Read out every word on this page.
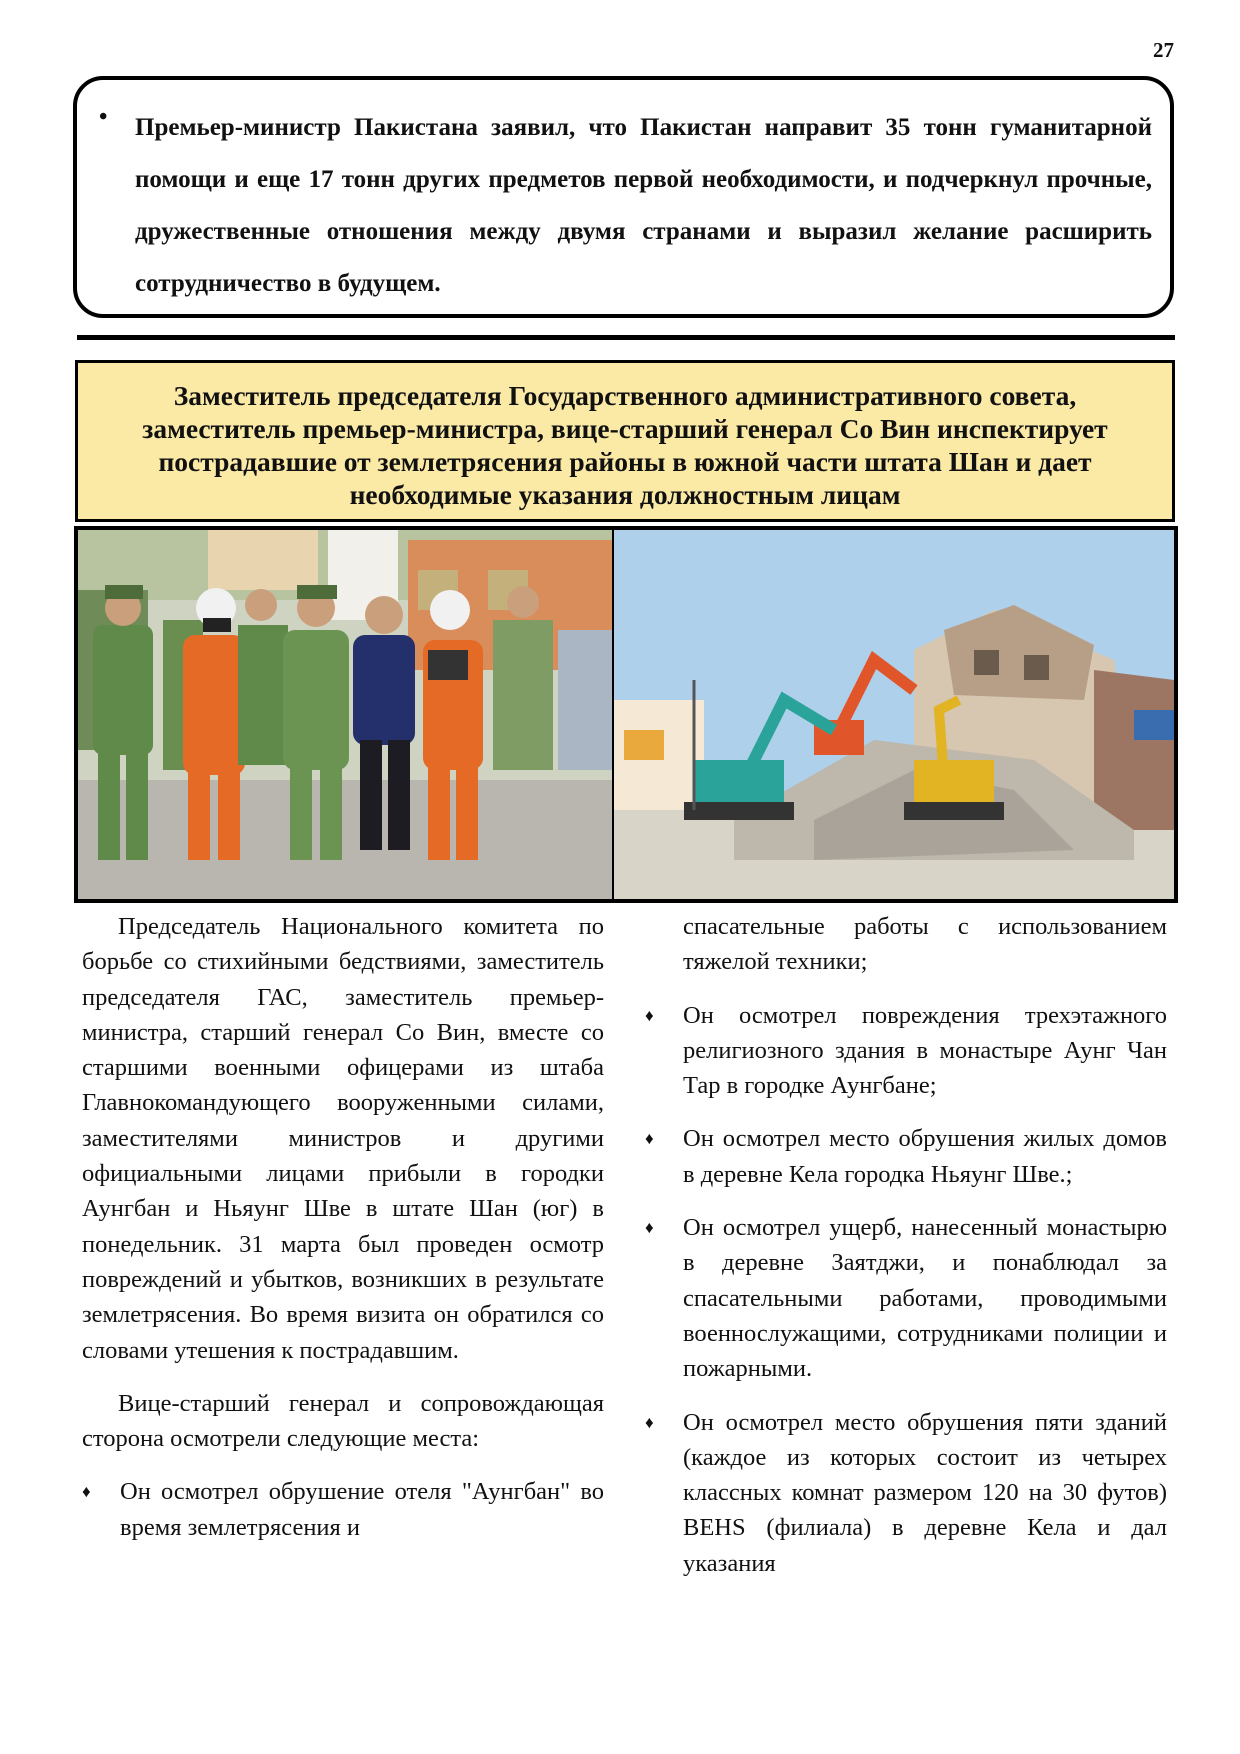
27
• Премьер-министр Пакистана заявил, что Пакистан направит 35 тонн гуманитарной помощи и еще 17 тонн других предметов первой необходимости, и подчеркнул прочные, дружественные отношения между двумя странами и выразил желание расширить сотрудничество в будущем.

Заместитель председателя Государственного административного совета, заместитель премьер-министра, вице-старший генерал Со Вин инспектирует пострадавшие от землетрясения районы в южной части штата Шан и дает необходимые указания должностным лицам

Председатель Национального комитета по борьбе со стихийными бедствиями, заместитель председателя ГАС, заместитель премьер-министра, старший генерал Со Вин, вместе со старшими военными офицерами из штаба Главнокомандующего вооруженными силами, заместителями министров и другими официальными лицами прибыли в городки Аунгбан и Ньяунг Шве в штате Шан (юг) в понедельник. 31 марта был проведен осмотр повреждений и убытков, возникших в результате землетрясения. Во время визита он обратился со словами утешения к пострадавшим.

Вице-старший генерал и сопровождающая сторона осмотрели следующие места:

♦ Он осмотрел обрушение отеля "Аунгбан" во время землетрясения и

спасательные работы с использованием тяжелой техники;

♦ Он осмотрел повреждения трехэтажного религиозного здания в монастыре Аунг Чан Тар в городке Аунгбане;
♦ Он осмотрел место обрушения жилых домов в деревне Кела городка Ньяунг Шве.;
♦ Он осмотрел ущерб, нанесенный монастырю в деревне Заятджи, и понаблюдал за спасательными работами, проводимыми военнослужащими, сотрудниками полиции и пожарными.
♦ Он осмотрел место обрушения пяти зданий (каждое из которых состоит из четырех классных комнат размером 120 на 30 футов) BEHS (филиала) в деревне Кела и дал указания
